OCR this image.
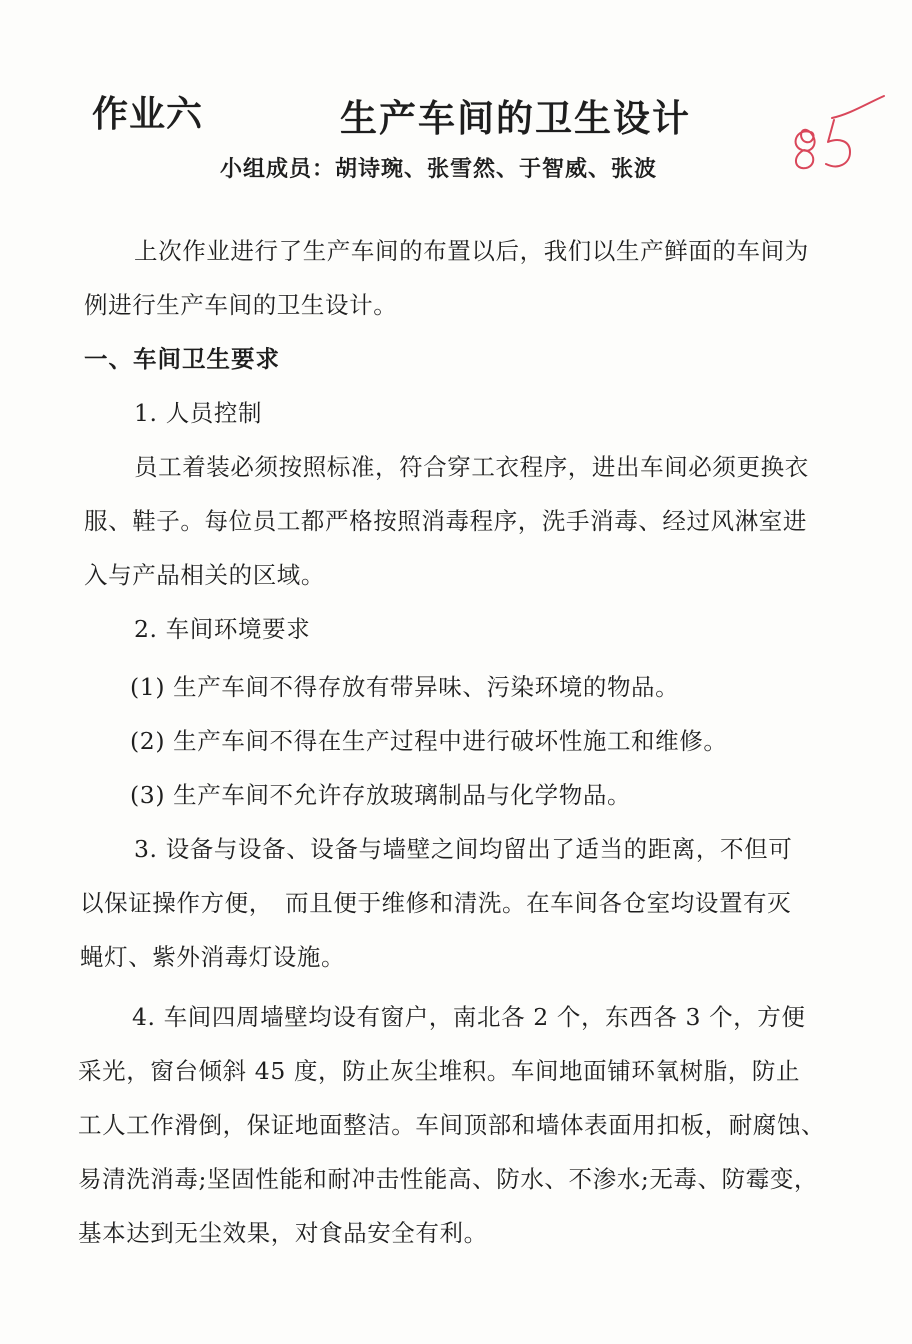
作业六	生产车间的卫生设计
小组成员：胡诗琬、张雪然、于智威、张波
85
上次作业进行了生产车间的布置以后，我们以生产鲜面的车间为
例进行生产车间的卫生设计。
一、车间卫生要求
1. 人员控制
员工着装必须按照标准，符合穿工衣程序，进出车间必须更换衣
服、鞋子。每位员工都严格按照消毒程序，洗手消毒、经过风淋室进
入与产品相关的区域。
2. 车间环境要求
(1) 生产车间不得存放有带异味、污染环境的物品。
(2) 生产车间不得在生产过程中进行破坏性施工和维修。
(3) 生产车间不允许存放玻璃制品与化学物品。
3. 设备与设备、设备与墙壁之间均留出了适当的距离，不但可
以保证操作方便，　而且便于维修和清洗。在车间各仓室均设置有灭
蝇灯、紫外消毒灯设施。
4. 车间四周墙壁均设有窗户，南北各 2 个，东西各 3 个，方便
采光，窗台倾斜 45 度，防止灰尘堆积。车间地面铺环氧树脂，防止
工人工作滑倒，保证地面整洁。车间顶部和墙体表面用扣板，耐腐蚀、
易清洗消毒;坚固性能和耐冲击性能高、防水、不渗水;无毒、防霉变，
基本达到无尘效果，对食品安全有利。
